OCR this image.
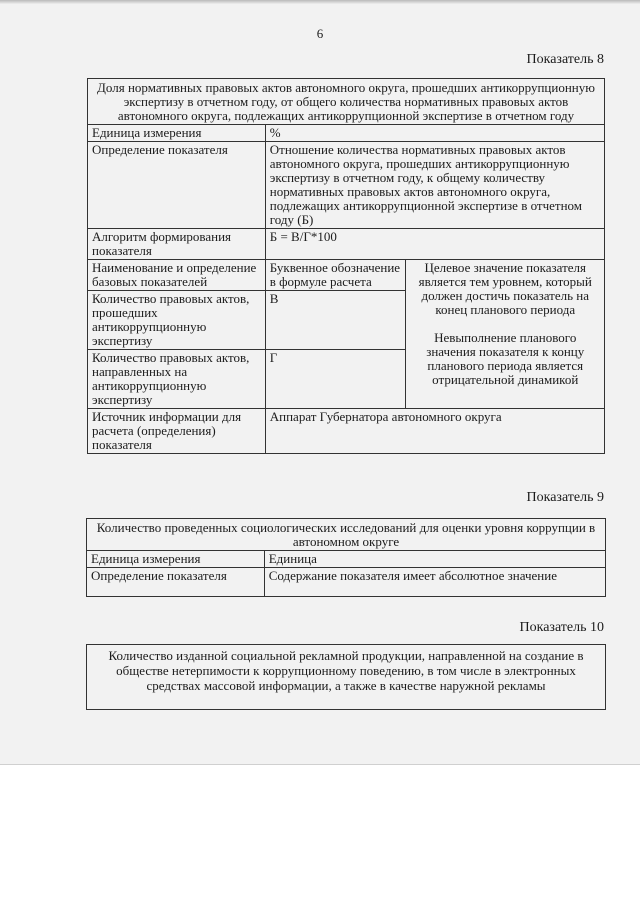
6
Показатель 8
Доля нормативных правовых актов автономного округа, прошедших антикоррупционную экспертизу в отчетном году, от общего количества нормативных правовых актов автономного округа, подлежащих антикоррупционной экспертизе в отчетном году		
Единица измерения	%	
Определение показателя	Отношение количества нормативных правовых актов автономного округа, прошедших антикоррупционную экспертизу в отчетном году, к общему количеству нормативных правовых актов автономного округа, подлежащих антикоррупционной экспертизе в отчетном году (Б)	
Алгоритм формирования показателя	Б = В/Г*100	
Наименование и определение базовых показателей	Буквенное обозначение в формуле расчета	Целевое значение показателя является тем уровнем, который должен достичь показатель на конец планового периода
Невыполнение планового значения показателя к концу планового периода является отрицательной динамикой
Количество правовых актов, прошедших антикоррупционную экспертизу	В	
Количество правовых актов, направленных на антикоррупционную экспертизу	Г	
Источник информации для расчета (определения) показателя	Аппарат Губернатора автономного округа	
Показатель 9
Количество проведенных социологических исследований для оценки уровня коррупции в автономном округе	
Единица измерения	Единица
Определение показателя	Содержание показателя имеет абсолютное значение
Показатель 10
Количество изданной социальной рекламной продукции, направленной на создание в обществе нетерпимости к коррупционному поведению, в том числе в электронных средствах массовой информации, а также в качестве наружной рекламы
